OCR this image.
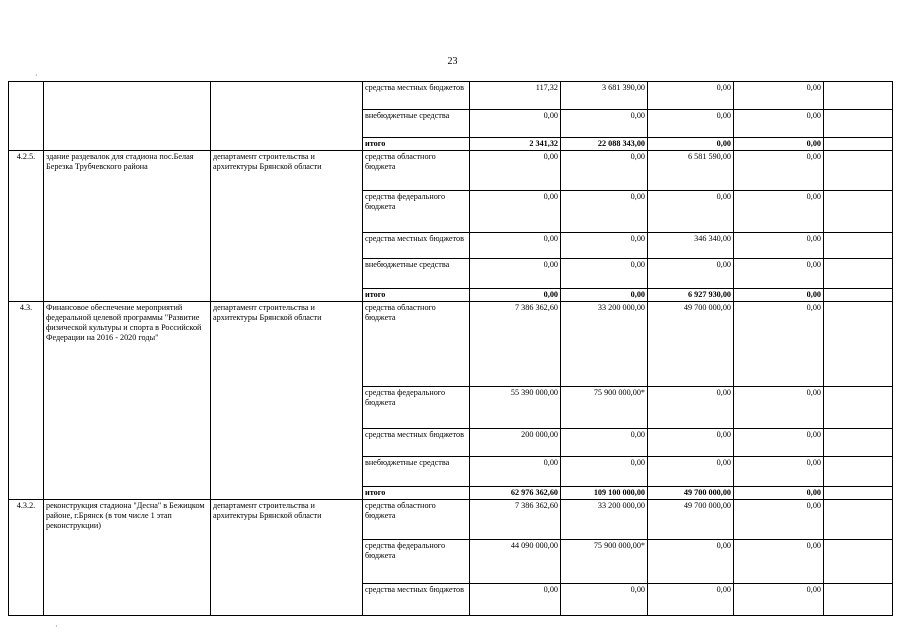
23
·
·
			средства местных бюджетов	117,32	3 681 390,00	0,00	0,00	
			внебюджетные средства	0,00	0,00	0,00	0,00	
			итого	2 341,32	22 088 343,00	0,00	0,00	
4.2.5.	здание раздевалок для стадиона пос.Белая Березка Трубчевского района	департамент строительства и архитектуры Брянской области	средства областного бюджета	0,00	0,00	6 581 590,00	0,00	
			средства федерального бюджета	0,00	0,00	0,00	0,00	
			средства местных бюджетов	0,00	0,00	346 340,00	0,00	
			внебюджетные средства	0,00	0,00	0,00	0,00	
			итого	0,00	0,00	6 927 930,00	0,00	
4.3.	Финансовое обеспечение мероприятий федеральной целевой программы "Развитие физической культуры и спорта в Российской Федерации на 2016 - 2020 годы"	департамент строительства и архитектуры Брянской области	средства областного бюджета	7 386 362,60	33 200 000,00	49 700 000,00	0,00	
			средства федерального бюджета	55 390 000,00	75 900 000,00*	0,00	0,00	
			средства местных бюджетов	200 000,00	0,00	0,00	0,00	
			внебюджетные средства	0,00	0,00	0,00	0,00	
			итого	62 976 362,60	109 100 000,00	49 700 000,00	0,00	
4.3.2.	реконструкция стадиона "Десна" в Бежицком районе, г.Брянск (в том числе 1 этап реконструкции)	департамент строительства и архитектуры Брянской области	средства областного бюджета	7 386 362,60	33 200 000,00	49 700 000,00	0,00	
			средства федерального бюджета	44 090 000,00	75 900 000,00*	0,00	0,00	
			средства местных бюджетов	0,00	0,00	0,00	0,00	
